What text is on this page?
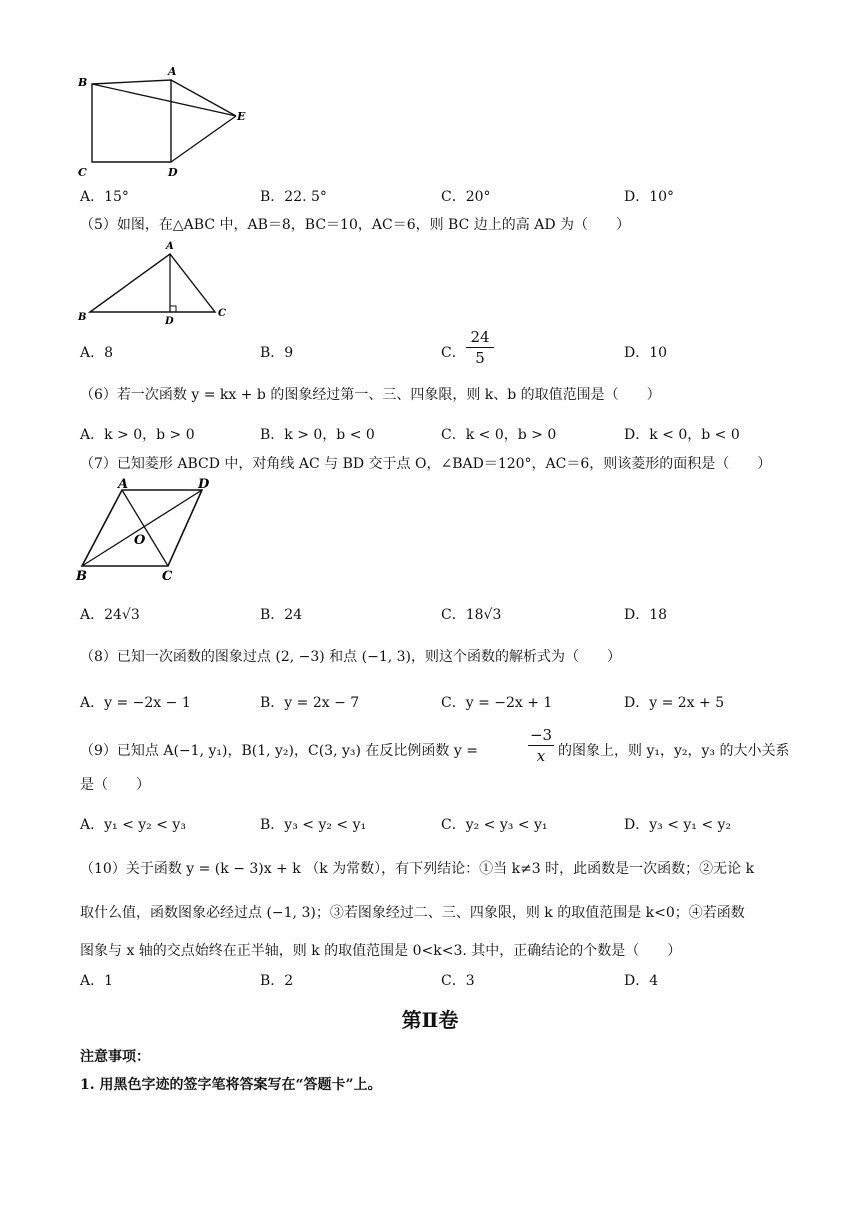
B
A
E
C	D
A．15°	B．22. 5°	C．20°	D．10°
（5）如图，在△ABC 中，AB＝8，BC＝10，AC＝6，则 BC 边上的高 AD 为（　　）
A
B	D
C
A．8	B．9	C．
24
5	D．10
（6）若一次函数 y = kx + b 的图象经过第一、三、四象限，则 k、b 的取值范围是（　　）
A．k > 0，b > 0	B．k > 0，b < 0	C．k < 0，b > 0	D．k < 0，b < 0
（7）已知菱形 ABCD 中，对角线 AC 与 BD 交于点 O，∠BAD＝120°，AC＝6，则该菱形的面积是（　　）
A	D
O
B	C
A．24√3	B．24	C．18√3	D．18
（8）已知一次函数的图象过点 (2, −3) 和点 (−1, 3)，则这个函数的解析式为（　　）
A．y = −2x − 1	B．y = 2x − 7	C．y = −2x + 1	D．y = 2x + 5
（9）已知点 A(−1, y₁)，B(1, y₂)，C(3, y₃) 在反比例函数 y =
−3
x 的图象上，则 y₁，y₂，y₃ 的大小关系
是（　　）
A．y₁ < y₂ < y₃	B．y₃ < y₂ < y₁	C．y₂ < y₃ < y₁	D．y₃ < y₁ < y₂
（10）关于函数 y = (k − 3)x + k （k 为常数），有下列结论：①当 k≠3 时，此函数是一次函数；②无论 k
取什么值，函数图象必经过点 (−1, 3)；③若图象经过二、三、四象限，则 k 的取值范围是 k<0；④若函数
图象与 x 轴的交点始终在正半轴，则 k 的取值范围是 0<k<3. 其中，正确结论的个数是（　　）
A．1	B．2	C．3	D．4
第Ⅱ卷
注意事项：
1. 用黑色字迹的签字笔将答案写在“答题卡”上。
